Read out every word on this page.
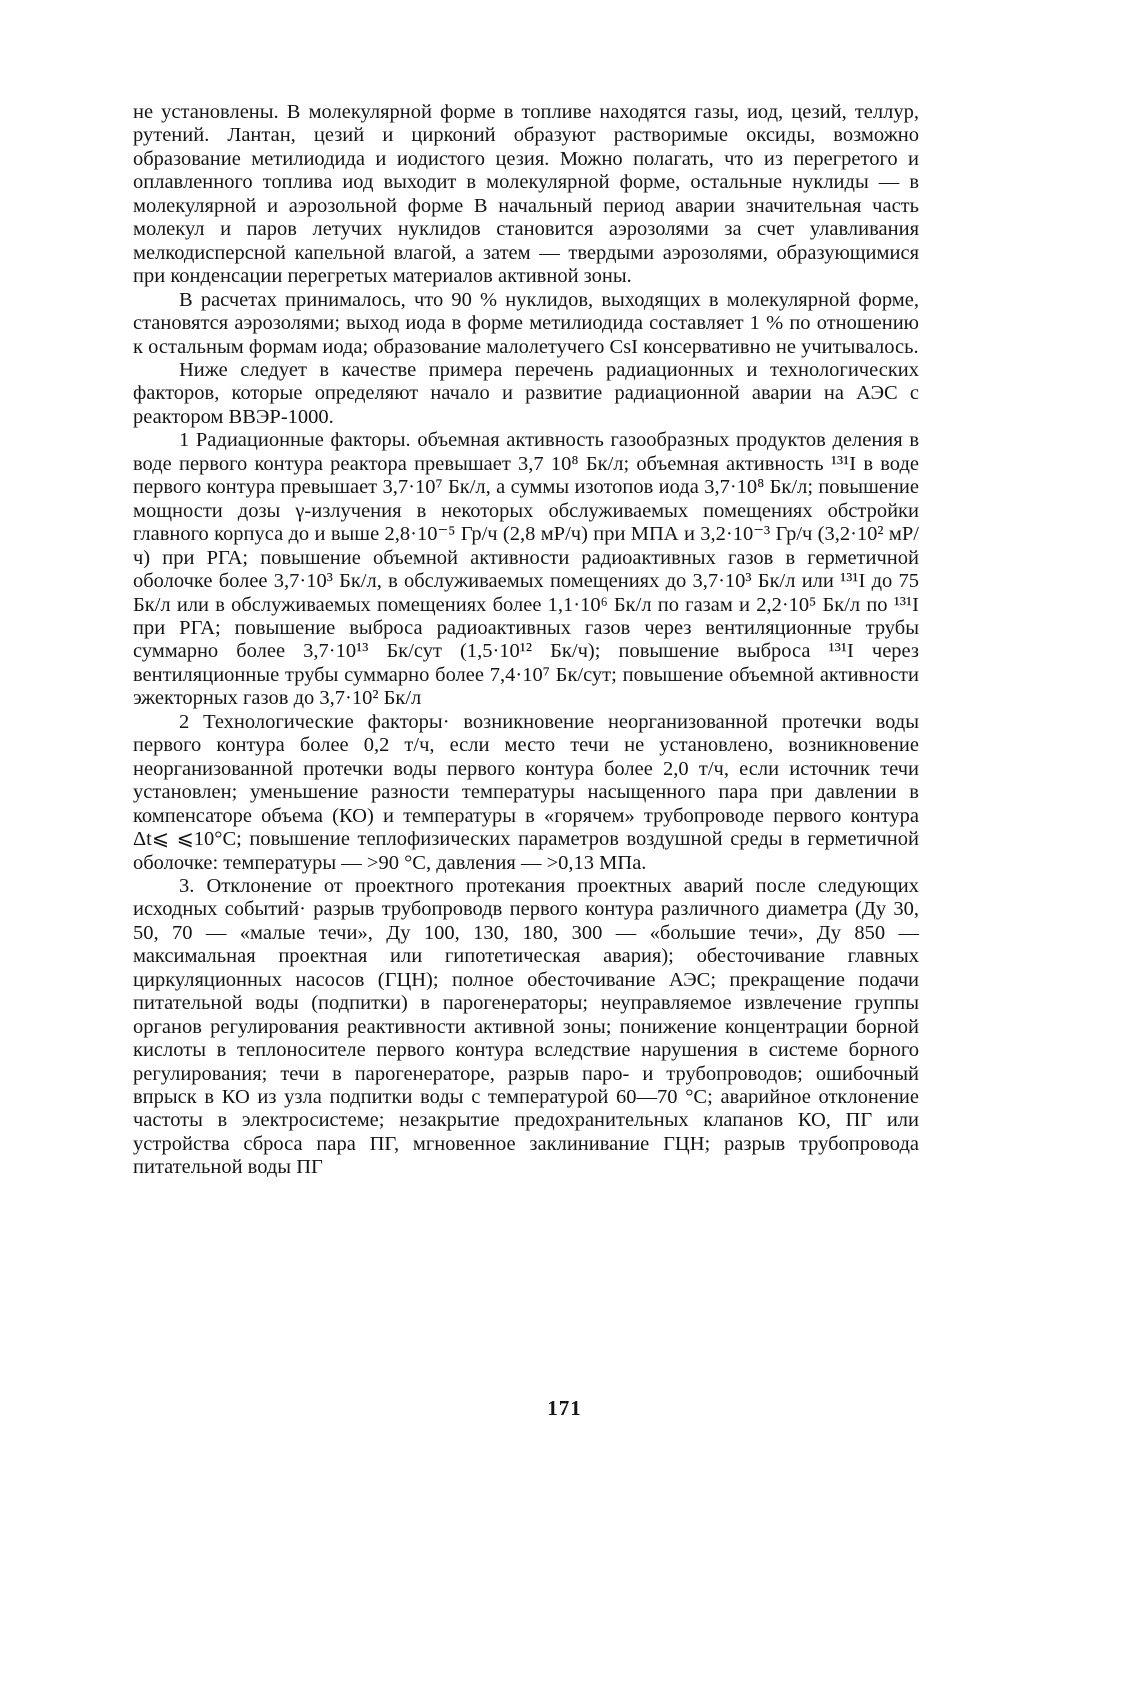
не установлены. В молекулярной форме в топливе находятся газы, иод, цезий, теллур, рутений. Лантан, цезий и цирконий образуют растворимые оксиды, возможно образование метилиодида и иодистого цезия. Можно полагать, что из перегретого и оплавленного топлива иод выходит в молекулярной форме, остальные нуклиды — в молекулярной и аэрозольной форме В начальный период аварии значительная часть молекул и паров летучих нуклидов становится аэрозолями за счет улавливания мелкодисперсной капельной влагой, а затем — твердыми аэрозолями, образующимися при конденсации перегретых материалов активной зоны.

В расчетах принималось, что 90 % нуклидов, выходящих в молекулярной форме, становятся аэрозолями; выход иода в форме метилиодида составляет 1 % по отношению к остальным формам иода; образование малолетучего CsI консервативно не учитывалось.

Ниже следует в качестве примера перечень радиационных и технологических факторов, которые определяют начало и развитие радиационной аварии на АЭС с реактором ВВЭР-1000.

1 Радиационные факторы. объемная активность газообразных продуктов деления в воде первого контура реактора превышает 3,7 10⁸ Бк/л; объемная активность ¹³¹I в воде первого контура превышает 3,7·10⁷ Бк/л, а суммы изотопов иода 3,7·10⁸ Бк/л; повышение мощности дозы γ-излучения в некоторых обслуживаемых помещениях обстройки главного корпуса до и выше 2,8·10⁻⁵ Гр/ч (2,8 мР/ч) при МПА и 3,2·10⁻³ Гр/ч (3,2·10² мР/ч) при РГА; повышение объемной активности радиоактивных газов в герметичной оболочке более 3,7·10³ Бк/л, в обслуживаемых помещениях до 3,7·10³ Бк/л или ¹³¹I до 75 Бк/л или в обслуживаемых помещениях более 1,1·10⁶ Бк/л по газам и 2,2·10⁵ Бк/л по ¹³¹I при РГА; повышение выброса радиоактивных газов через вентиляционные трубы суммарно более 3,7·10¹³ Бк/сут (1,5·10¹² Бк/ч); повышение выброса ¹³¹I через вентиляционные трубы суммарно более 7,4·10⁷ Бк/сут; повышение объемной активности эжекторных газов до 3,7·10² Бк/л

2 Технологические факторы· возникновение неорганизованной протечки воды первого контура более 0,2 т/ч, если место течи не установлено, возникновение неорганизованной протечки воды первого контура более 2,0 т/ч, если источник течи установлен; уменьшение разности температуры насыщенного пара при давлении в компенсаторе объема (КО) и температуры в «горячем» трубопроводе первого контура Δt⩽ ⩽10°С; повышение теплофизических параметров воздушной среды в герметичной оболочке: температуры — >90 °С, давления — >0,13 МПа.

3. Отклонение от проектного протекания проектных аварий после следующих исходных событий· разрыв трубопроводв первого контура различного диаметра (Ду 30, 50, 70 — «малые течи», Ду 100, 130, 180, 300 — «большие течи», Ду 850 — максимальная проектная или гипотетическая авария); обесточивание главных циркуляционных насосов (ГЦН); полное обесточивание АЭС; прекращение подачи питательной воды (подпитки) в парогенераторы; неуправляемое извлечение группы органов регулирования реактивности активной зоны; понижение концентрации борной кислоты в теплоносителе первого контура вследствие нарушения в системе борного регулирования; течи в парогенераторе, разрыв паро- и трубопроводов; ошибочный впрыск в КО из узла подпитки воды с температурой 60—70 °С; аварийное отклонение частоты в электросистеме; незакрытие предохранительных клапанов КО, ПГ или устройства сброса пара ПГ, мгновенное заклинивание ГЦН; разрыв трубопровода питательной воды ПГ

171
